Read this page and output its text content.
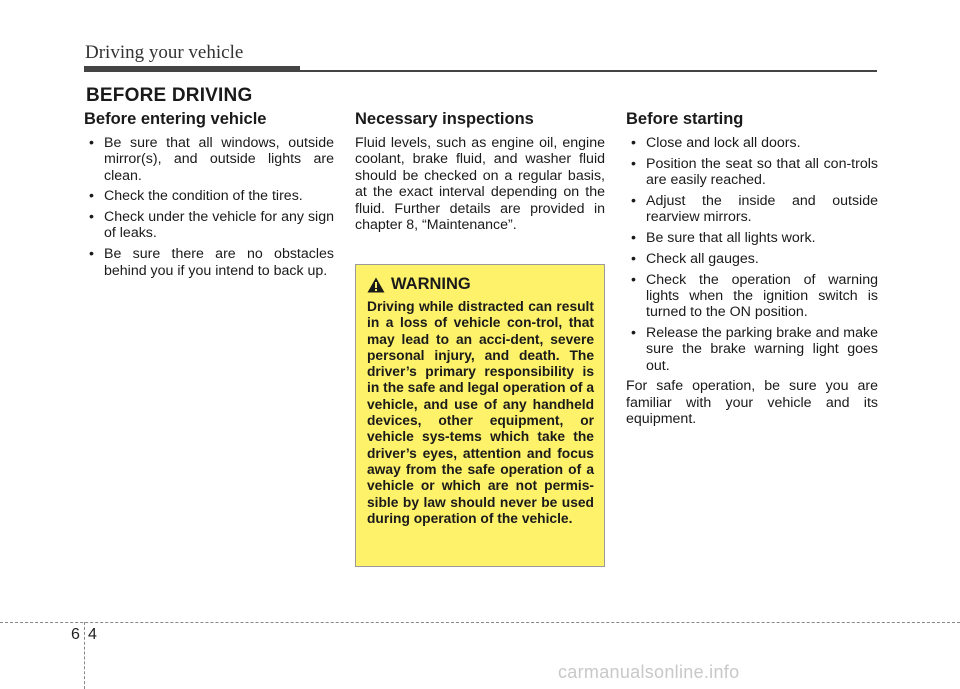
Driving your vehicle
BEFORE DRIVING
Before entering vehicle
• Be sure that all windows, outside mirror(s), and outside lights are clean.
• Check the condition of the tires.
• Check under the vehicle for any sign of leaks.
• Be sure there are no obstacles behind you if you intend to back up.
Necessary inspections

Fluid levels, such as engine oil, engine coolant, brake fluid, and washer fluid should be checked on a regular basis, at the exact interval depending on the fluid. Further details are provided in chapter 8, “Maintenance”.

WARNING

Driving while distracted can result in a loss of vehicle con-trol, that may lead to an acci-dent, severe personal injury, and death. The driver’s primary responsibility is in the safe and legal operation of a vehicle, and use of any handheld devices, other equipment, or vehicle sys-tems which take the driver’s eyes, attention and focus away from the safe operation of a vehicle or which are not permis-sible by law should never be used during operation of the vehicle.

Before starting
• Close and lock all doors.
• Position the seat so that all con-trols are easily reached.
• Adjust the inside and outside rearview mirrors.
• Be sure that all lights work.
• Check all gauges.
• Check the operation of warning lights when the ignition switch is turned to the ON position.
• Release the parking brake and make sure the brake warning light goes out.

For safe operation, be sure you are familiar with your vehicle and its equipment.

6 4
carmanualsonline.info
